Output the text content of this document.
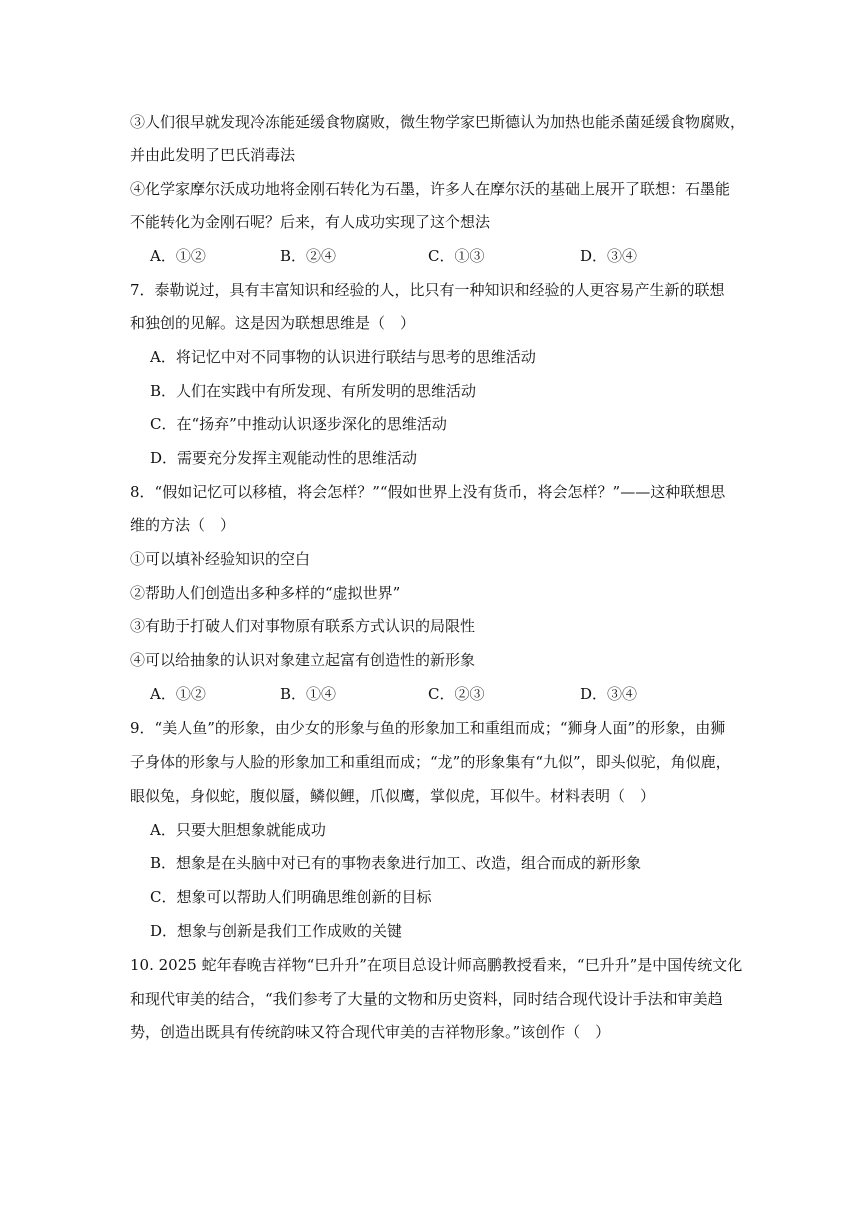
③人们很早就发现冷冻能延缓食物腐败，微生物学家巴斯德认为加热也能杀菌延缓食物腐败，
并由此发明了巴氏消毒法
④化学家摩尔沃成功地将金刚石转化为石墨，许多人在摩尔沃的基础上展开了联想：石墨能
不能转化为金刚石呢？后来，有人成功实现了这个想法
A．①②	B．②④	C．①③	D．③④
7．泰勒说过，具有丰富知识和经验的人，比只有一种知识和经验的人更容易产生新的联想
和独创的见解。这是因为联想思维是（　）
A．将记忆中对不同事物的认识进行联结与思考的思维活动
B．人们在实践中有所发现、有所发明的思维活动
C．在“扬弃”中推动认识逐步深化的思维活动
D．需要充分发挥主观能动性的思维活动
8．“假如记忆可以移植，将会怎样？”“假如世界上没有货币，将会怎样？”——这种联想思
维的方法（　）
①可以填补经验知识的空白
②帮助人们创造出多种多样的“虚拟世界”
③有助于打破人们对事物原有联系方式认识的局限性
④可以给抽象的认识对象建立起富有创造性的新形象
A．①②	B．①④	C．②③	D．③④
9．“美人鱼”的形象，由少女的形象与鱼的形象加工和重组而成；“狮身人面”的形象，由狮
子身体的形象与人脸的形象加工和重组而成；“龙”的形象集有“九似”，即头似驼，角似鹿，
眼似兔，身似蛇，腹似蜃，鳞似鲤，爪似鹰，掌似虎，耳似牛。材料表明（　）
A．只要大胆想象就能成功
B．想象是在头脑中对已有的事物表象进行加工、改造，组合而成的新形象
C．想象可以帮助人们明确思维创新的目标
D．想象与创新是我们工作成败的关键
10. 2025 蛇年春晚吉祥物“巳升升”在项目总设计师高鹏教授看来，“巳升升”是中国传统文化
和现代审美的结合，“我们参考了大量的文物和历史资料，同时结合现代设计手法和审美趋
势，创造出既具有传统韵味又符合现代审美的吉祥物形象。”该创作（　）
